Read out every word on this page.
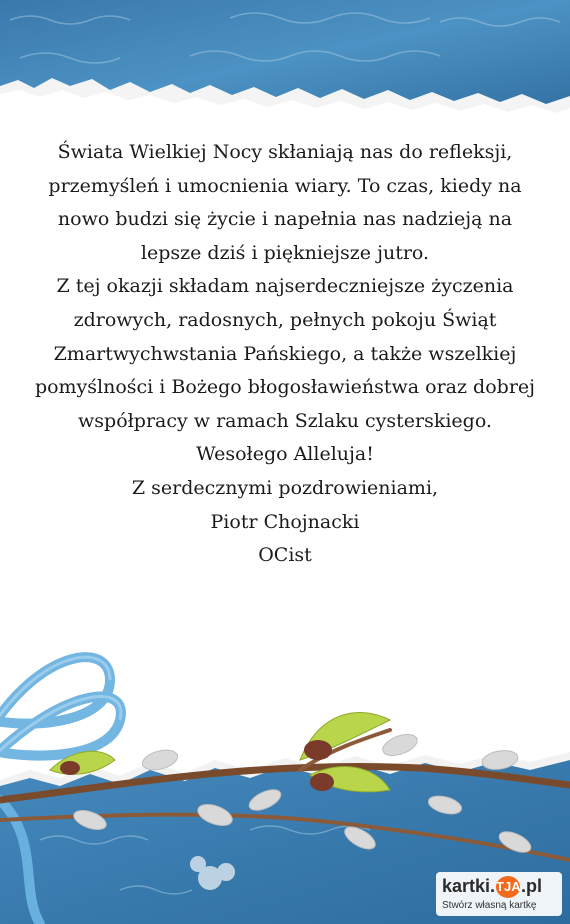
Świata Wielkiej Nocy skłaniają nas do refleksji,
przemyśleń i umocnienia wiary. To czas, kiedy na
nowo budzi się życie i napełnia nas nadzieją na
lepsze dziś i piękniejsze jutro.
Z tej okazji składam najserdeczniejsze życzenia
zdrowych, radosnych, pełnych pokoju Świąt
Zmartwychwstania Pańskiego, a także wszelkiej
pomyślności i Bożego błogosławieństwa oraz dobrej
współpracy w ramach Szlaku cysterskiego.
Wesołego Alleluja!
Z serdecznymi pozdrowieniami,
Piotr Chojnacki
OCist
kartki.TJA.pl
Stwórz własną kartkę
